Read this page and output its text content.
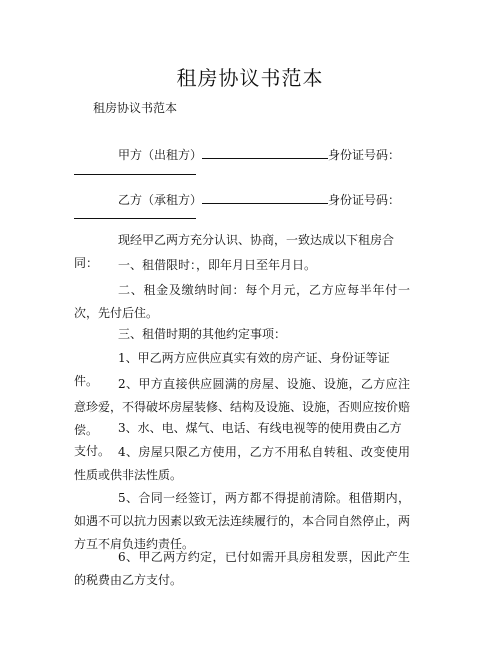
租房协议书范本
租房协议书范本
甲方（出租方）	身份证号码：
乙方（承租方）	身份证号码：

现经甲乙两方充分认识、协商，一致达成以下租房合同：	一、租借限时：，即年月日至年月日。

二、租金及缴纳时间：每个月元，乙方应每半年付一次，先付后住。

三、租借时期的其他约定事项：

1、甲乙两方应供应真实有效的房产证、身份证等证件。	2、甲方直接供应圆满的房屋、设施、设施，乙方应注意珍爱，不得破坏房屋装修、结构及设施、设施，否则应按价赔偿。	3、水、电、煤气、电话、有线电视等的使用费由乙方支付。 4、房屋只限乙方使用，乙方不用私自转租、改变使用性质或供非法性质。

5、合同一经签订，两方都不得提前清除。租借期内，如遇不可以抗力因素以致无法连续履行的，本合同自然停止，两方互不肩负违约责任。

6、甲乙两方约定，已付如需开具房租发票，因此产生的税费由乙方支付。
